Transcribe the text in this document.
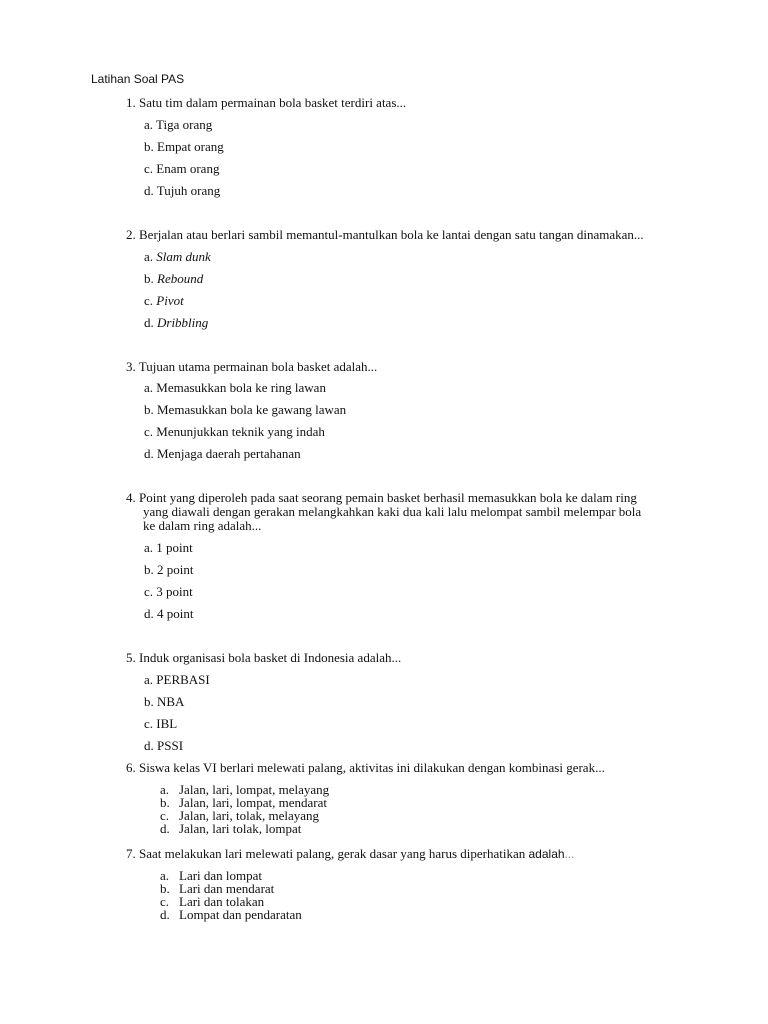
Latihan Soal PAS
1. Satu tim dalam permainan bola basket terdiri atas...
a. Tiga orang
b. Empat orang
c. Enam orang
d. Tujuh orang
2. Berjalan atau berlari sambil memantul-mantulkan bola ke lantai dengan satu tangan dinamakan...
a. Slam dunk
b. Rebound
c. Pivot
d. Dribbling
3. Tujuan utama permainan bola basket adalah...
a. Memasukkan bola ke ring lawan
b. Memasukkan bola ke gawang lawan
c. Menunjukkan teknik yang indah
d. Menjaga daerah pertahanan
4. Point yang diperoleh pada saat seorang pemain basket berhasil memasukkan bola ke dalam ring
yang diawali dengan gerakan melangkahkan kaki dua kali lalu melompat sambil melempar bola
ke dalam ring adalah...
a. 1 point
b. 2 point
c. 3 point
d. 4 point
5. Induk organisasi bola basket di Indonesia adalah...
a. PERBASI
b. NBA
c. IBL
d. PSSI
6. Siswa kelas VI berlari melewati palang, aktivitas ini dilakukan dengan kombinasi gerak...
a. Jalan, lari, lompat, melayang
b. Jalan, lari, lompat, mendarat
c. Jalan, lari, tolak, melayang
d. Jalan, lari tolak, lompat
7. Saat melakukan lari melewati palang, gerak dasar yang harus diperhatikan adalah...
a. Lari dan lompat
b. Lari dan mendarat
c. Lari dan tolakan
d. Lompat dan pendaratan
